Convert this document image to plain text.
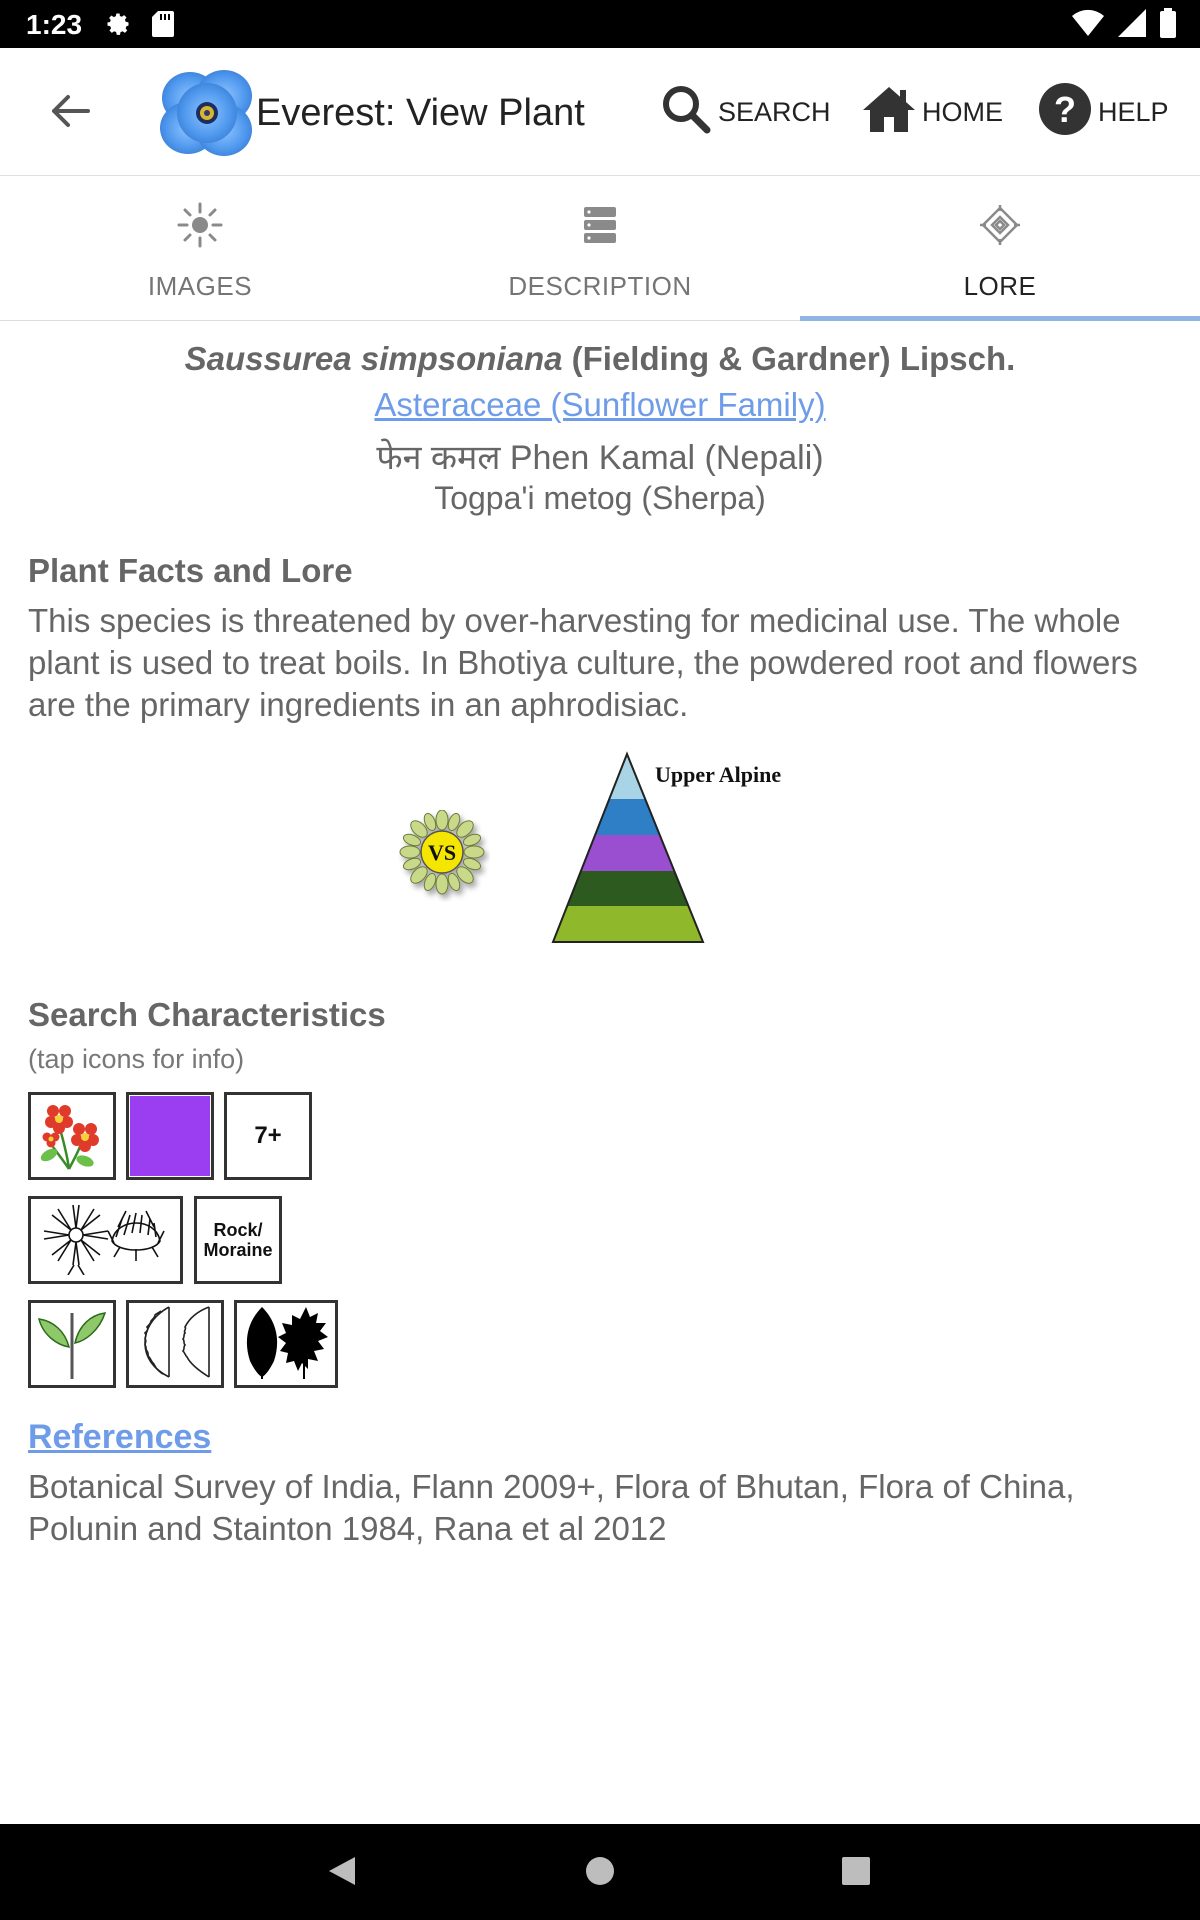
1:23
Everest: View Plant	SEARCH	HOME ? HELP
IMAGES	DESCRIPTION	LORE
Saussurea simpsoniana (Fielding & Gardner) Lipsch.
Asteraceae (Sunflower Family)
फेन कमल Phen Kamal (Nepali)
Togpa'i metog (Sherpa)
Plant Facts and Lore
This species is threatened by over-harvesting for medicinal use. The whole plant is used to treat boils. In Bhotiya culture, the powdered root and flowers are the primary ingredients in an aphrodisiac.
VS
Upper Alpine
Search Characteristics
(tap icons for info)
7+
Rock/
Moraine
References
Botanical Survey of India, Flann 2009+, Flora of Bhutan, Flora of China, Polunin and Stainton 1984, Rana et al 2012
